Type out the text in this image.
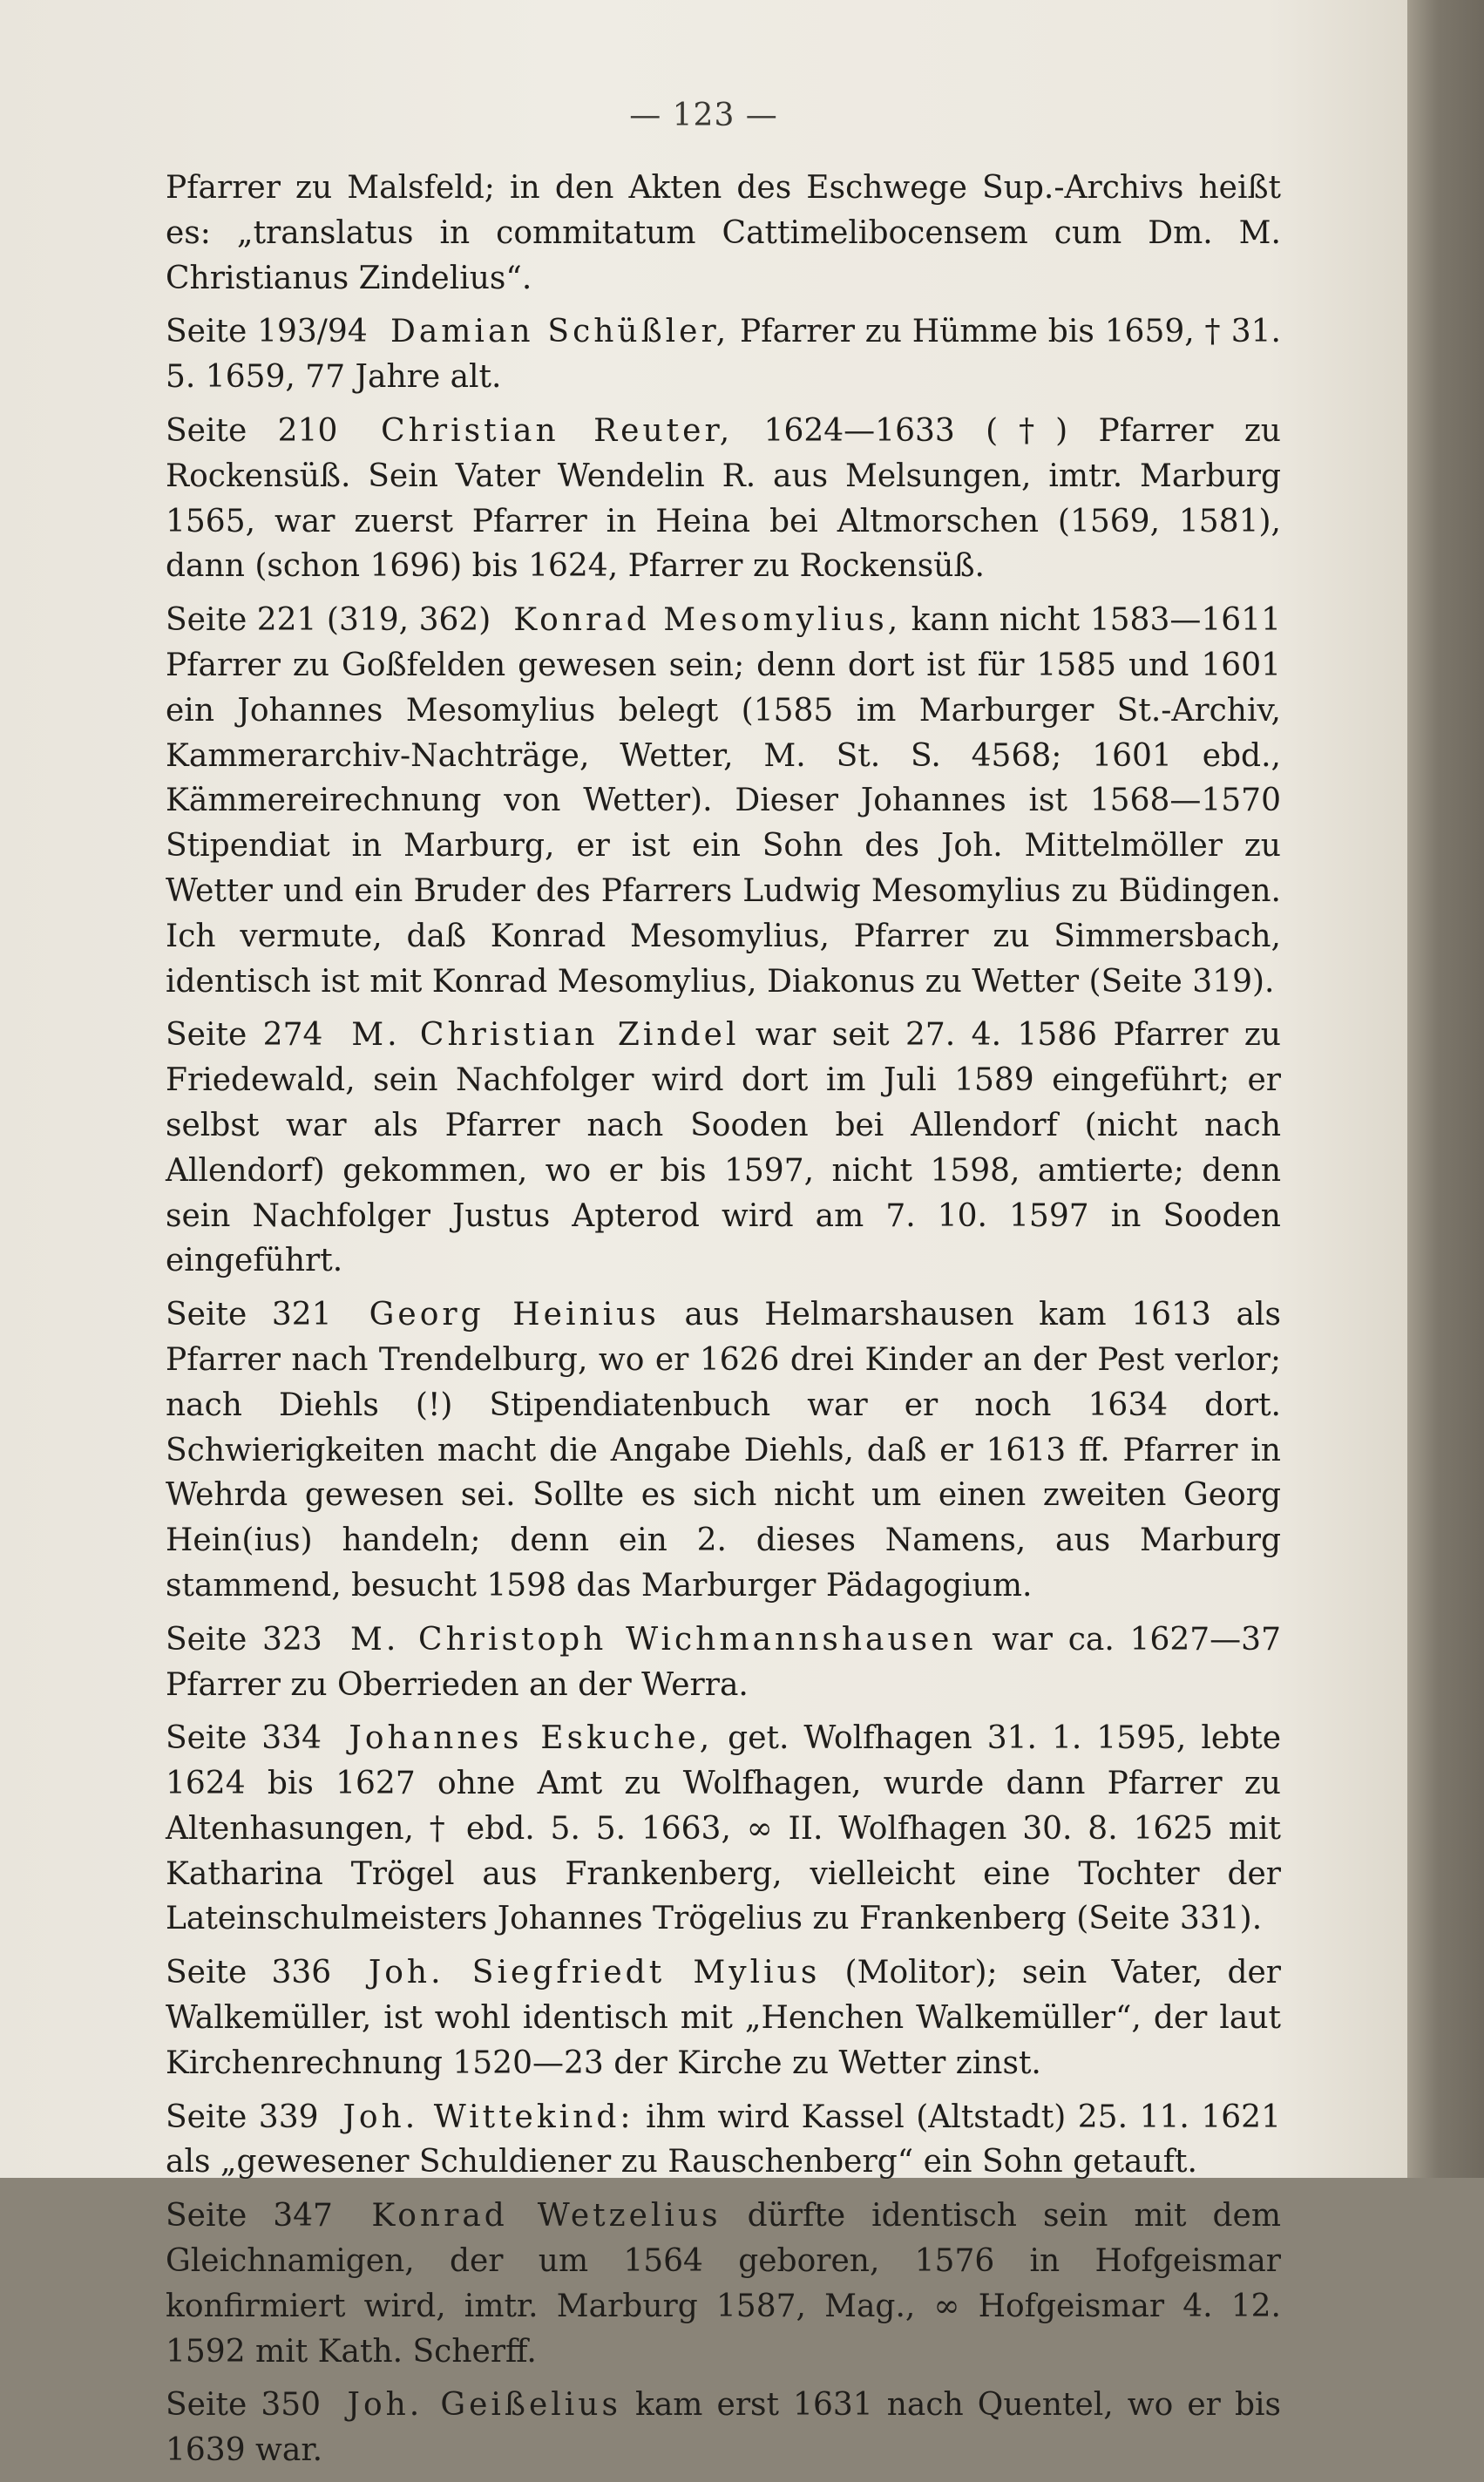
— 123 —

Pfarrer zu Malsfeld; in den Akten des Eschwege Sup.-Archivs heißt es: „translatus in commitatum Cattimelibocensem cum Dm. M. Christianus Zindelius“.

Seite 193/94 Damian Schüßler, Pfarrer zu Hümme bis 1659, † 31. 5. 1659, 77 Jahre alt.

Seite 210 Christian Reuter, 1624—1633 (†) Pfarrer zu Rockensüß. Sein Vater Wendelin R. aus Melsungen, imtr. Marburg 1565, war zuerst Pfarrer in Heina bei Altmorschen (1569, 1581), dann (schon 1696) bis 1624, Pfarrer zu Rockensüß.

Seite 221 (319, 362) Konrad Mesomylius, kann nicht 1583—1611 Pfarrer zu Goßfelden gewesen sein; denn dort ist für 1585 und 1601 ein Johannes Mesomylius belegt (1585 im Marburger St.-Archiv, Kammerarchiv-Nachträge, Wetter, M. St. S. 4568; 1601 ebd., Kämmereirechnung von Wetter). Dieser Johannes ist 1568—1570 Stipendiat in Marburg, er ist ein Sohn des Joh. Mittelmöller zu Wetter und ein Bruder des Pfarrers Ludwig Mesomylius zu Büdingen. Ich vermute, daß Konrad Mesomylius, Pfarrer zu Simmersbach, identisch ist mit Konrad Mesomylius, Diakonus zu Wetter (Seite 319).

Seite 274 M. Christian Zindel war seit 27. 4. 1586 Pfarrer zu Friedewald, sein Nachfolger wird dort im Juli 1589 eingeführt; er selbst war als Pfarrer nach Sooden bei Allendorf (nicht nach Allendorf) gekommen, wo er bis 1597, nicht 1598, amtierte; denn sein Nachfolger Justus Apterod wird am 7. 10. 1597 in Sooden eingeführt.

Seite 321 Georg Heinius aus Helmarshausen kam 1613 als Pfarrer nach Trendelburg, wo er 1626 drei Kinder an der Pest verlor; nach Diehls (!) Stipendiatenbuch war er noch 1634 dort. Schwierigkeiten macht die Angabe Diehls, daß er 1613 ff. Pfarrer in Wehrda gewesen sei. Sollte es sich nicht um einen zweiten Georg Hein(ius) handeln; denn ein 2. dieses Namens, aus Marburg stammend, besucht 1598 das Marburger Pädagogium.

Seite 323 M. Christoph Wichmannshausen war ca. 1627—37 Pfarrer zu Oberrieden an der Werra.

Seite 334 Johannes Eskuche, get. Wolfhagen 31. 1. 1595, lebte 1624 bis 1627 ohne Amt zu Wolfhagen, wurde dann Pfarrer zu Altenhasungen, † ebd. 5. 5. 1663, ∞ II. Wolfhagen 30. 8. 1625 mit Katharina Trögel aus Frankenberg, vielleicht eine Tochter der Lateinschulmeisters Johannes Trögelius zu Frankenberg (Seite 331).

Seite 336 Joh. Siegfriedt Mylius (Molitor); sein Vater, der Walkemüller, ist wohl identisch mit „Henchen Walkemüller“, der laut Kirchenrechnung 1520—23 der Kirche zu Wetter zinst.

Seite 339 Joh. Wittekind: ihm wird Kassel (Altstadt) 25. 11. 1621 als „gewesener Schuldiener zu Rauschenberg“ ein Sohn getauft.

Seite 347 Konrad Wetzelius dürfte identisch sein mit dem Gleichnamigen, der um 1564 geboren, 1576 in Hofgeismar konfirmiert wird, imtr. Marburg 1587, Mag., ∞ Hofgeismar 4. 12. 1592 mit Kath. Scherff.

Seite 350 Joh. Geißelius kam erst 1631 nach Quentel, wo er bis 1639 war.
